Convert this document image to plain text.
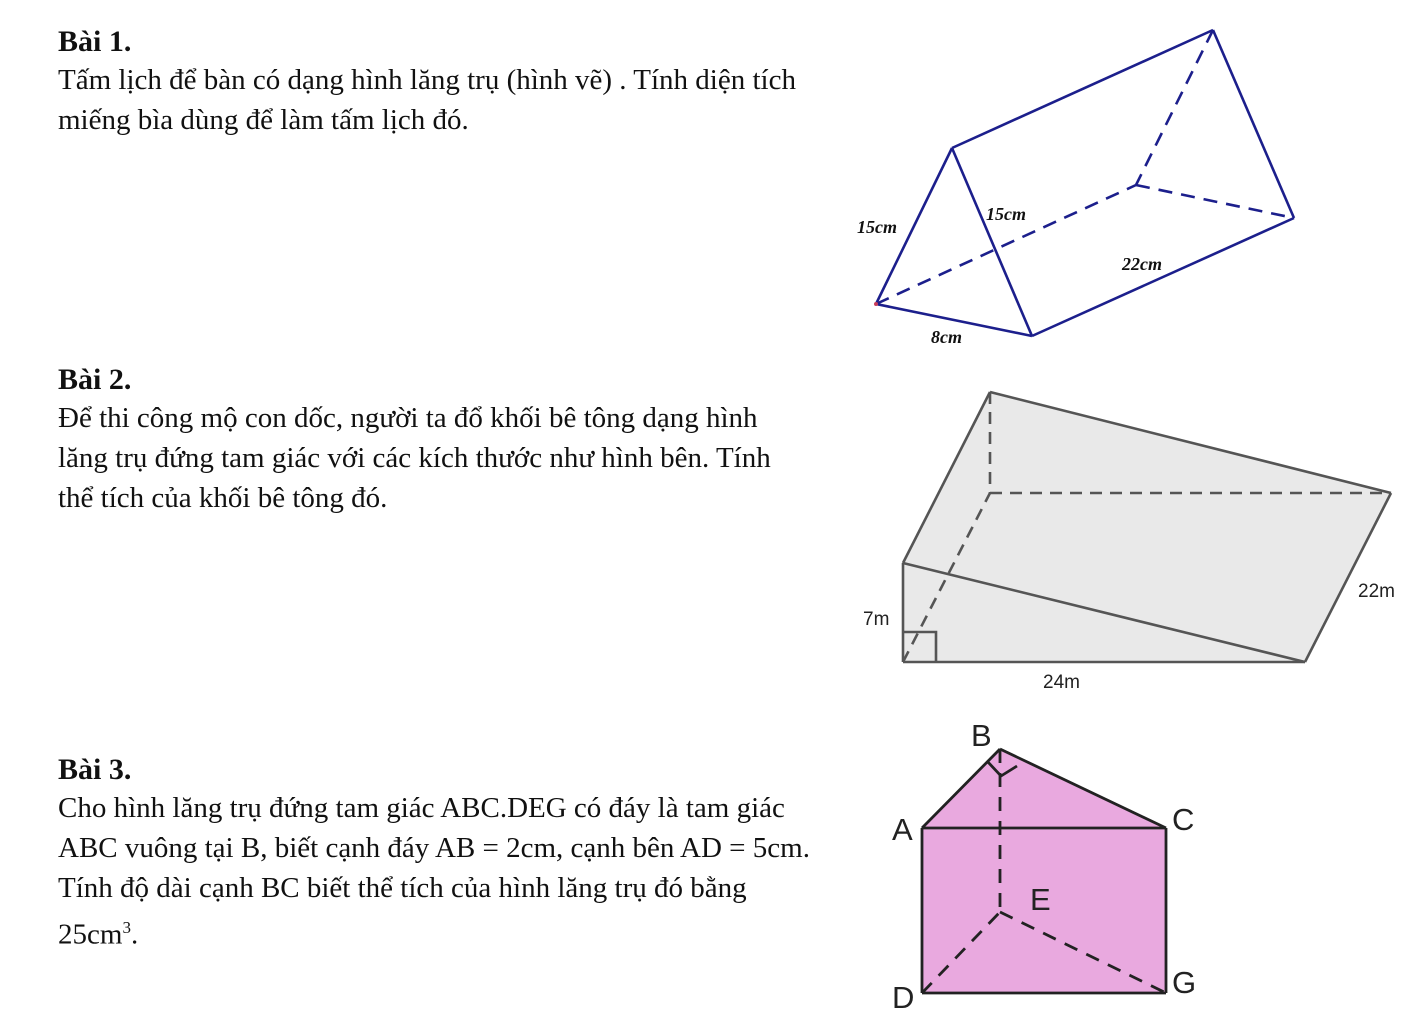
Bài 1.

Tấm lịch để bàn có dạng hình lăng trụ (hình vẽ) . Tính diện tích miếng bìa dùng để làm tấm lịch đó.

Bài 2.

Để thi công mộ con dốc, người ta đổ khối bê tông dạng hình lăng trụ đứng tam giác với các kích thước như hình bên. Tính thể tích của khối bê tông đó.

Bài 3.

Cho hình lăng trụ đứng tam giác ABC.DEG có đáy là tam giác ABC vuông tại B, biết cạnh đáy AB = 2cm, cạnh bên AD = 5cm. Tính độ dài cạnh BC biết thể tích của hình lăng trụ đó bằng $25cm^3$.

15cm
15cm
22cm
8cm
7m
24m
22m
B
A	C
E
D	G
